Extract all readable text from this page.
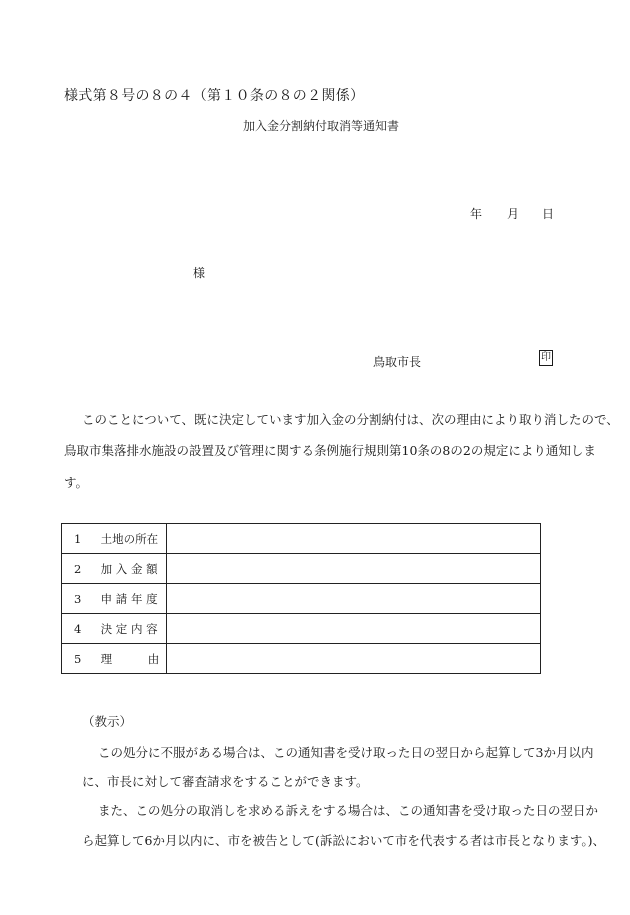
様式第８号の８の４（第１０条の８の２関係）
加入金分割納付取消等通知書
年 月 日
様
鳥取市長	印
このことについて、既に決定しています加入金の分割納付は、次の理由により取り消したので、
鳥取市集落排水施設の設置及び管理に関する条例施行規則第10条の8の2の規定により通知しま
す。
1 土地の所在	
2 加 入 金 額	
3 申 請 年 度	
4 決 定 内 容	
5 理 由	
（教示）
この処分に不服がある場合は、この通知書を受け取った日の翌日から起算して3か月以内
に、市長に対して審査請求をすることができます。
また、この処分の取消しを求める訴えをする場合は、この通知書を受け取った日の翌日か
ら起算して6か月以内に、市を被告として(訴訟において市を代表する者は市長となります。)、
